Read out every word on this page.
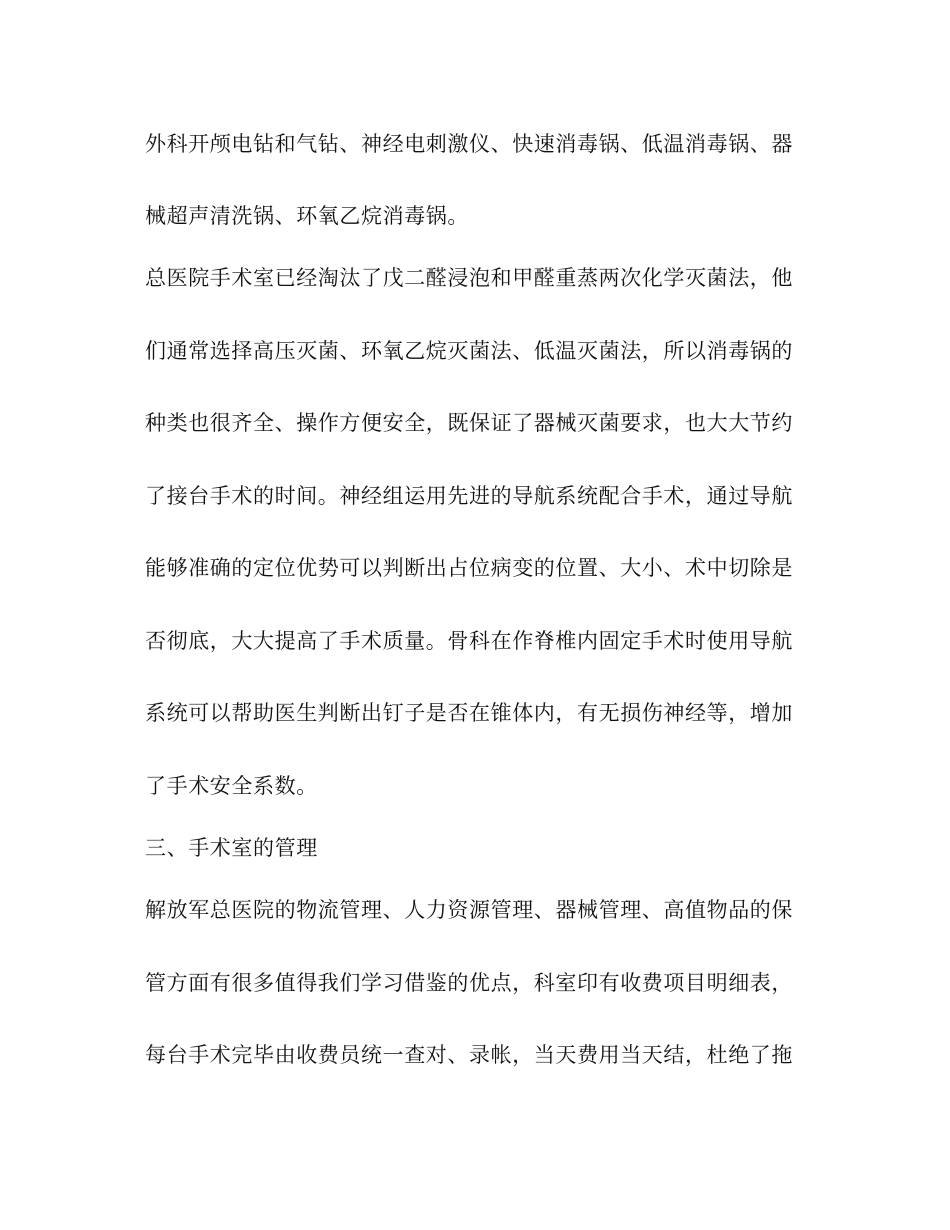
外科开颅电钻和气钻、神经电刺激仪、快速消毒锅、低温消毒锅、器
械超声清洗锅、环氧乙烷消毒锅。
总医院手术室已经淘汰了戊二醛浸泡和甲醛重蒸两次化学灭菌法，他
们通常选择高压灭菌、环氧乙烷灭菌法、低温灭菌法，所以消毒锅的
种类也很齐全、操作方便安全，既保证了器械灭菌要求，也大大节约
了接台手术的时间。神经组运用先进的导航系统配合手术，通过导航
能够准确的定位优势可以判断出占位病变的位置、大小、术中切除是
否彻底，大大提高了手术质量。骨科在作脊椎内固定手术时使用导航
系统可以帮助医生判断出钉子是否在锥体内，有无损伤神经等，增加
了手术安全系数。
三、手术室的管理
解放军总医院的物流管理、人力资源管理、器械管理、高值物品的保
管方面有很多值得我们学习借鉴的优点，科室印有收费项目明细表，
每台手术完毕由收费员统一查对、录帐，当天费用当天结，杜绝了拖
